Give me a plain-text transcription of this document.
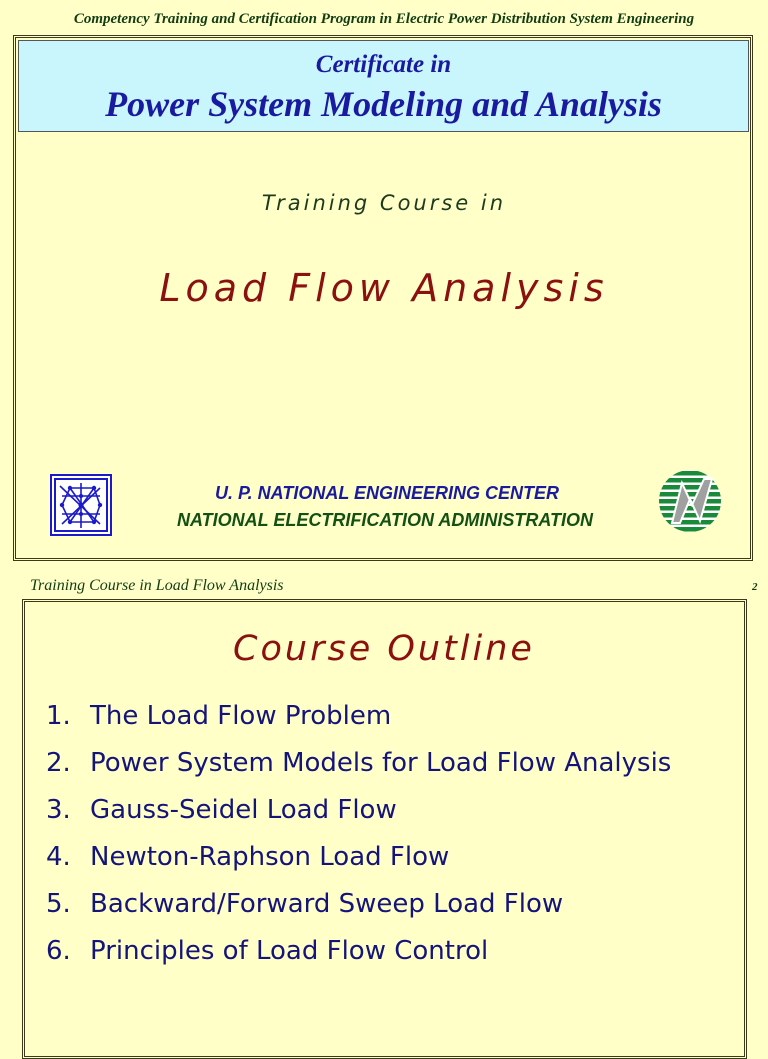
Competency Training and Certification Program in Electric Power Distribution System Engineering
Certificate in
Power System Modeling and Analysis
Training Course in
Load Flow Analysis
U. P. NATIONAL ENGINEERING CENTER
NATIONAL ELECTRIFICATION ADMINISTRATION
Training Course in Load Flow Analysis	2
Course Outline
1. The Load Flow Problem
2. Power System Models for Load Flow Analysis
3. Gauss-Seidel Load Flow
4. Newton-Raphson Load Flow
5. Backward/Forward Sweep Load Flow
6. Principles of Load Flow Control
